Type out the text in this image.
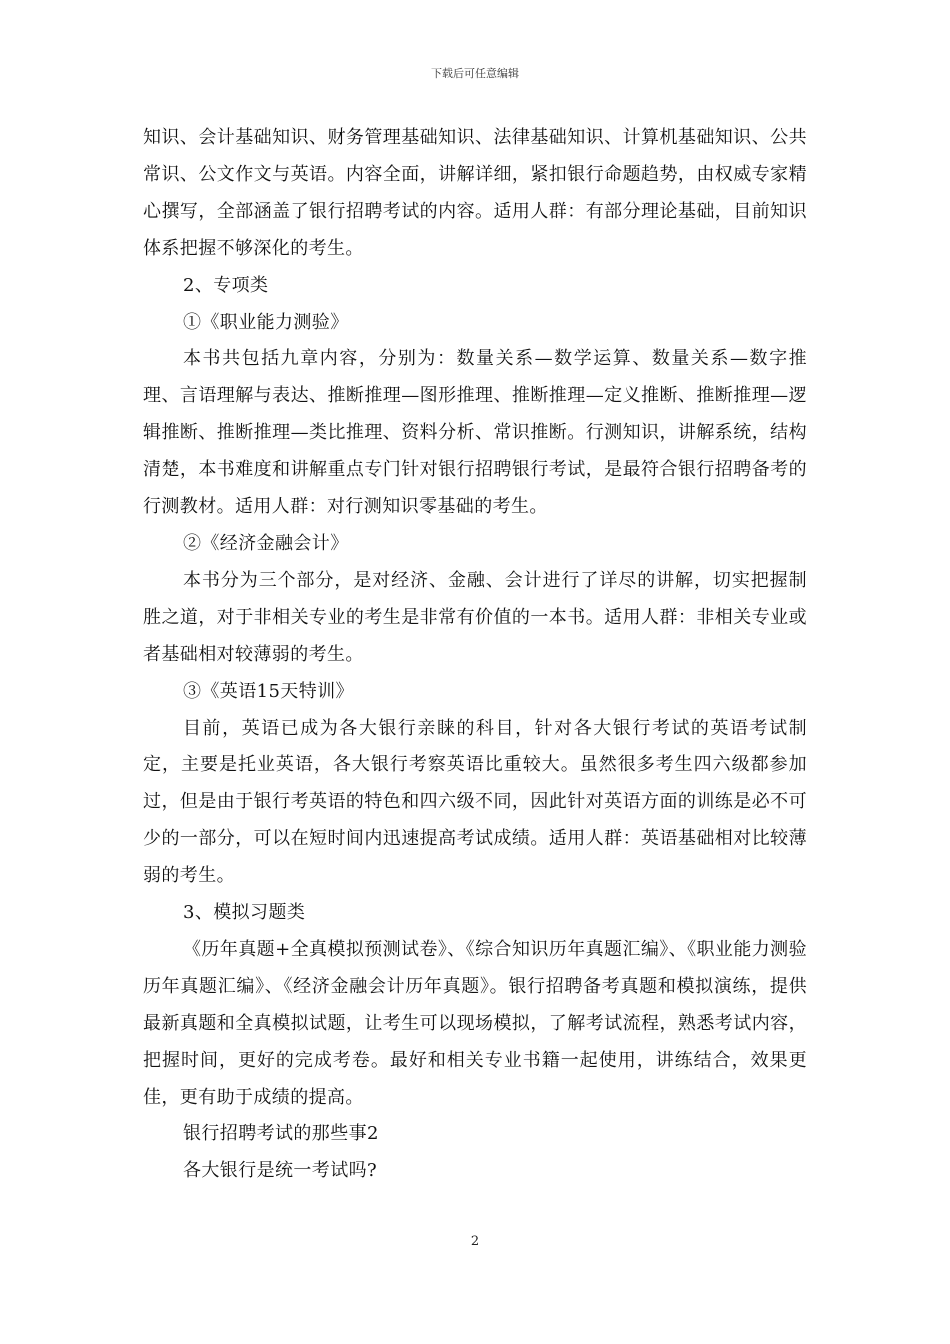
下载后可任意编辑

知识、会计基础知识、财务管理基础知识、法律基础知识、计算机基础知识、公共常识、公文作文与英语。内容全面，讲解详细，紧扣银行命题趋势，由权威专家精心撰写，全部涵盖了银行招聘考试的内容。适用人群：有部分理论基础，目前知识体系把握不够深化的考生。

2、专项类

①《职业能力测验》

本书共包括九章内容，分别为：数量关系—数学运算、数量关系—数字推理、言语理解与表达、推断推理—图形推理、推断推理—定义推断、推断推理—逻辑推断、推断推理—类比推理、资料分析、常识推断。行测知识，讲解系统，结构清楚，本书难度和讲解重点专门针对银行招聘银行考试，是最符合银行招聘备考的行测教材。适用人群：对行测知识零基础的考生。

②《经济金融会计》

本书分为三个部分，是对经济、金融、会计进行了详尽的讲解，切实把握制胜之道，对于非相关专业的考生是非常有价值的一本书。适用人群：非相关专业或者基础相对较薄弱的考生。

③《英语15天特训》

目前，英语已成为各大银行亲睐的科目，针对各大银行考试的英语考试制定，主要是托业英语，各大银行考察英语比重较大。虽然很多考生四六级都参加过，但是由于银行考英语的特色和四六级不同，因此针对英语方面的训练是必不可少的一部分，可以在短时间内迅速提高考试成绩。适用人群：英语基础相对比较薄弱的考生。

3、模拟习题类

《历年真题+全真模拟预测试卷》、《综合知识历年真题汇编》、《职业能力测验历年真题汇编》、《经济金融会计历年真题》。银行招聘备考真题和模拟演练，提供最新真题和全真模拟试题，让考生可以现场模拟，了解考试流程，熟悉考试内容，把握时间，更好的完成考卷。最好和相关专业书籍一起使用，讲练结合，效果更佳，更有助于成绩的提高。

银行招聘考试的那些事2

各大银行是统一考试吗?

2
